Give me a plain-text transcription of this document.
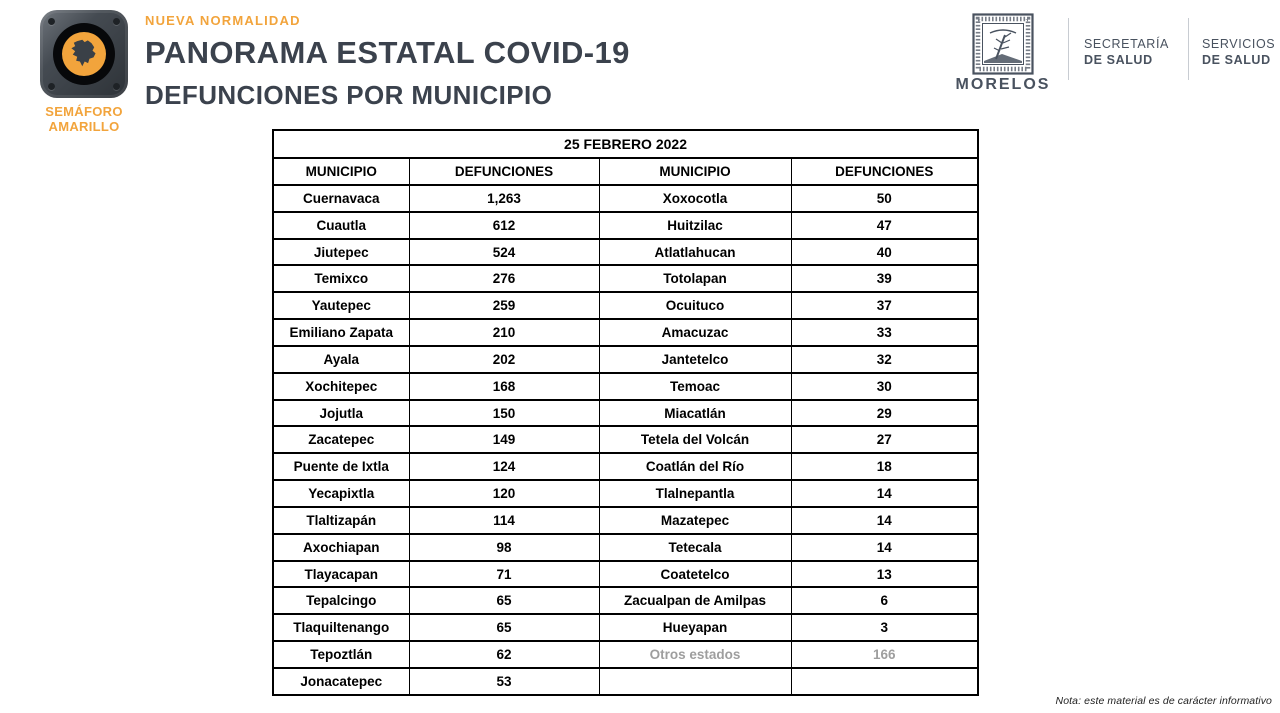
SEMÁFORO
AMARILLO
NUEVA NORMALIDAD
PANORAMA ESTATAL COVID-19
DEFUNCIONES POR MUNICIPIO	MORELOS
SECRETARÍA
DE SALUD
SERVICIOS
DE SALUD
25 FEBRERO 2022			
MUNICIPIO	DEFUNCIONES	MUNICIPIO	DEFUNCIONES
Cuernavaca	1,263	Xoxocotla	50
Cuautla	612	Huitzilac	47
Jiutepec	524	Atlatlahucan	40
Temixco	276	Totolapan	39
Yautepec	259	Ocuituco	37
Emiliano Zapata	210	Amacuzac	33
Ayala	202	Jantetelco	32
Xochitepec	168	Temoac	30
Jojutla	150	Miacatlán	29
Zacatepec	149	Tetela del Volcán	27
Puente de Ixtla	124	Coatlán del Río	18
Yecapixtla	120	Tlalnepantla	14
Tlaltizapán	114	Mazatepec	14
Axochiapan	98	Tetecala	14
Tlayacapan	71	Coatetelco	13
Tepalcingo	65	Zacualpan de Amilpas	6
Tlaquiltenango	65	Hueyapan	3
Tepoztlán	62	Otros estados	166
Jonacatepec	53		
Nota: este material es de carácter informativo
